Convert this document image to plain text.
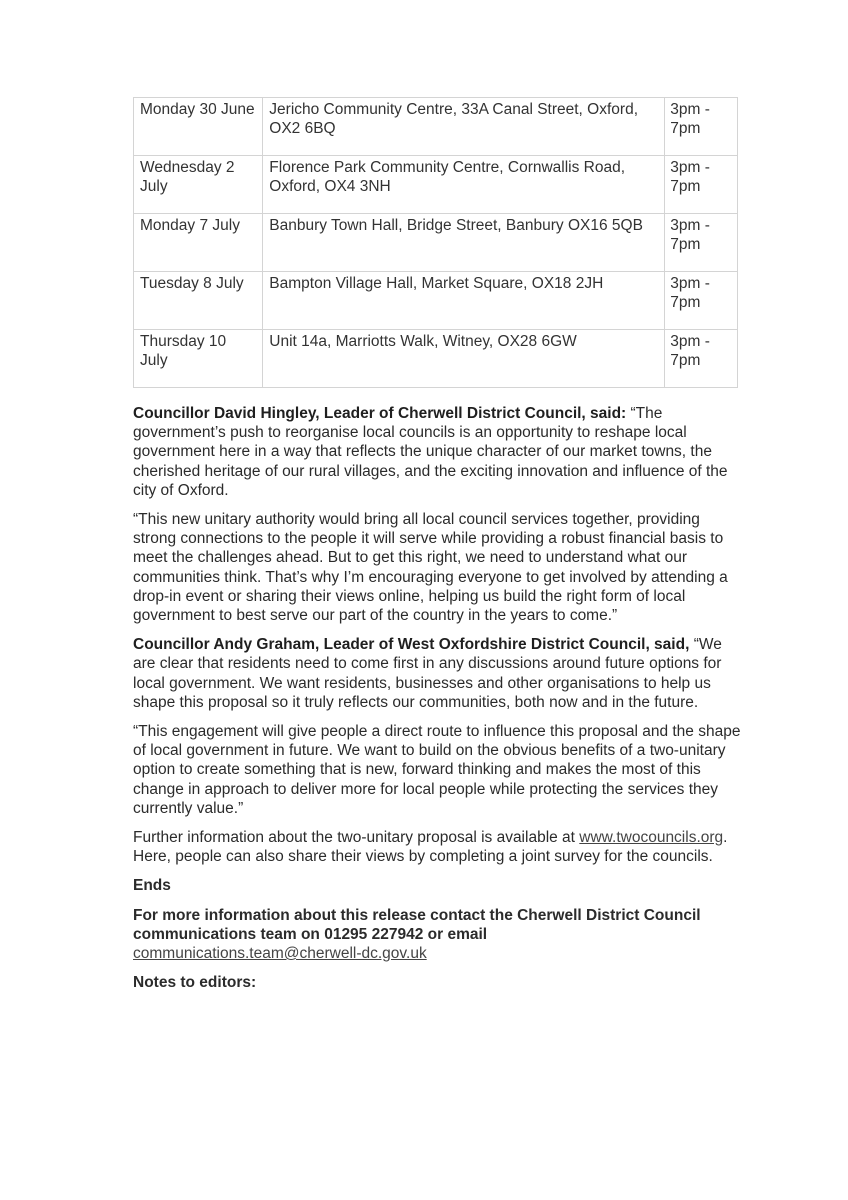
Monday 30 June	Jericho Community Centre, 33A Canal Street, Oxford, OX2 6BQ	3pm - 7pm
Wednesday 2 July	Florence Park Community Centre, Cornwallis Road, Oxford, OX4 3NH	3pm - 7pm
Monday 7 July	Banbury Town Hall, Bridge Street, Banbury OX16 5QB	3pm - 7pm
Tuesday 8 July	Bampton Village Hall, Market Square, OX18 2JH	3pm - 7pm
Thursday 10 July	Unit 14a, Marriotts Walk, Witney, OX28 6GW	3pm - 7pm

Councillor David Hingley, Leader of Cherwell District Council, said: “The government’s push to reorganise local councils is an opportunity to reshape local government here in a way that reflects the unique character of our market towns, the cherished heritage of our rural villages, and the exciting innovation and influence of the city of Oxford.

“This new unitary authority would bring all local council services together, providing strong connections to the people it will serve while providing a robust financial basis to meet the challenges ahead. But to get this right, we need to understand what our communities think. That’s why I’m encouraging everyone to get involved by attending a drop-in event or sharing their views online, helping us build the right form of local government to best serve our part of the country in the years to come.”

Councillor Andy Graham, Leader of West Oxfordshire District Council, said, “We are clear that residents need to come first in any discussions around future options for local government. We want residents, businesses and other organisations to help us shape this proposal so it truly reflects our communities, both now and in the future.

“This engagement will give people a direct route to influence this proposal and the shape of local government in future. We want to build on the obvious benefits of a two-unitary option to create something that is new, forward thinking and makes the most of this change in approach to deliver more for local people while protecting the services they currently value.”

Further information about the two-unitary proposal is available at www.twocouncils.org. Here, people can also share their views by completing a joint survey for the councils.

Ends

For more information about this release contact the Cherwell District Council communications team on 01295 227942 or email
communications.team@cherwell-dc.gov.uk

Notes to editors:
